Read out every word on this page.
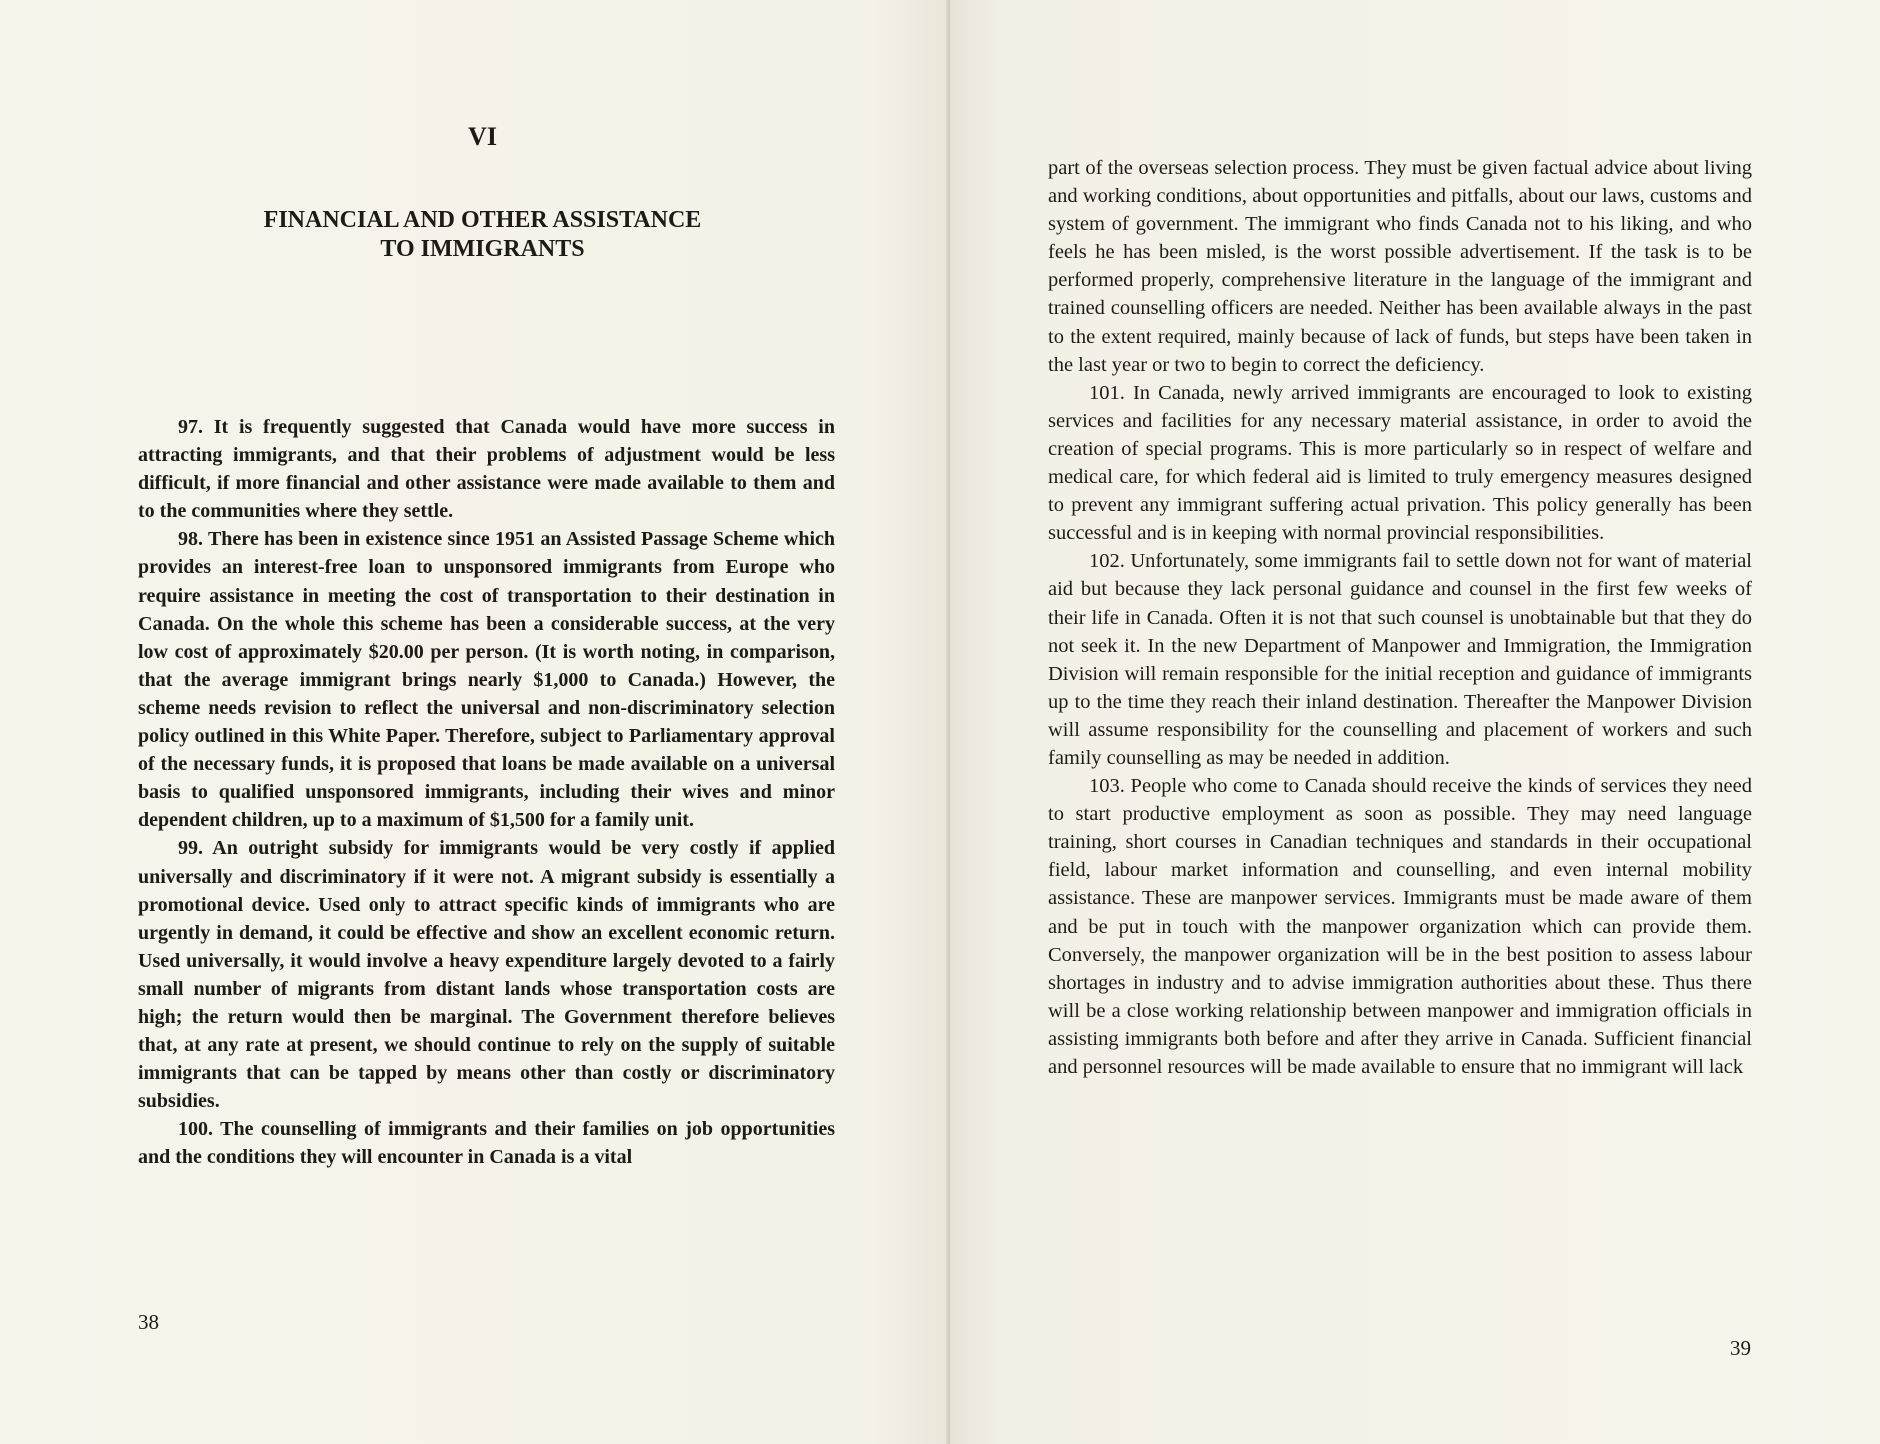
VI
FINANCIAL AND OTHER ASSISTANCE
TO IMMIGRANTS

97. It is frequently suggested that Canada would have more success in attracting immigrants, and that their problems of adjustment would be less difficult, if more financial and other assistance were made available to them and to the communities where they settle.

98. There has been in existence since 1951 an Assisted Passage Scheme which provides an interest-free loan to unsponsored immigrants from Europe who require assistance in meeting the cost of transportation to their destination in Canada. On the whole this scheme has been a considerable success, at the very low cost of approximately $20.00 per person. (It is worth noting, in comparison, that the average immigrant brings nearly $1,000 to Canada.) However, the scheme needs revision to reflect the universal and non-discriminatory selection policy outlined in this White Paper. Therefore, subject to Parliamentary approval of the necessary funds, it is proposed that loans be made available on a universal basis to qualified unsponsored immigrants, including their wives and minor dependent children, up to a maximum of $1,500 for a family unit.

99. An outright subsidy for immigrants would be very costly if applied universally and discriminatory if it were not. A migrant subsidy is essentially a promotional device. Used only to attract specific kinds of immigrants who are urgently in demand, it could be effective and show an excellent economic return. Used universally, it would involve a heavy expenditure largely devoted to a fairly small number of migrants from distant lands whose transportation costs are high; the return would then be marginal. The Government therefore believes that, at any rate at present, we should continue to rely on the supply of suitable immigrants that can be tapped by means other than costly or discriminatory subsidies.

100. The counselling of immigrants and their families on job opportunities and the conditions they will encounter in Canada is a vital

38

part of the overseas selection process. They must be given factual advice about living and working conditions, about opportunities and pitfalls, about our laws, customs and system of government. The immigrant who finds Canada not to his liking, and who feels he has been misled, is the worst possible advertisement. If the task is to be performed properly, comprehensive literature in the language of the immigrant and trained counselling officers are needed. Neither has been available always in the past to the extent required, mainly because of lack of funds, but steps have been taken in the last year or two to begin to correct the deficiency.

101. In Canada, newly arrived immigrants are encouraged to look to existing services and facilities for any necessary material assistance, in order to avoid the creation of special programs. This is more particularly so in respect of welfare and medical care, for which federal aid is limited to truly emergency measures designed to prevent any immigrant suffering actual privation. This policy generally has been successful and is in keeping with normal provincial responsibilities.

102. Unfortunately, some immigrants fail to settle down not for want of material aid but because they lack personal guidance and counsel in the first few weeks of their life in Canada. Often it is not that such counsel is unobtainable but that they do not seek it. In the new Department of Manpower and Immigration, the Immigration Division will remain responsible for the initial reception and guidance of immigrants up to the time they reach their inland destination. Thereafter the Manpower Division will assume responsibility for the counselling and placement of workers and such family counselling as may be needed in addition.

103. People who come to Canada should receive the kinds of services they need to start productive employment as soon as possible. They may need language training, short courses in Canadian techniques and standards in their occupational field, labour market information and counselling, and even internal mobility assistance. These are manpower services. Immigrants must be made aware of them and be put in touch with the manpower organization which can provide them. Conversely, the manpower organization will be in the best position to assess labour shortages in industry and to advise immigration authorities about these. Thus there will be a close working relationship between manpower and immigration officials in assisting immigrants both before and after they arrive in Canada. Sufficient financial and personnel resources will be made available to ensure that no immigrant will lack

39
